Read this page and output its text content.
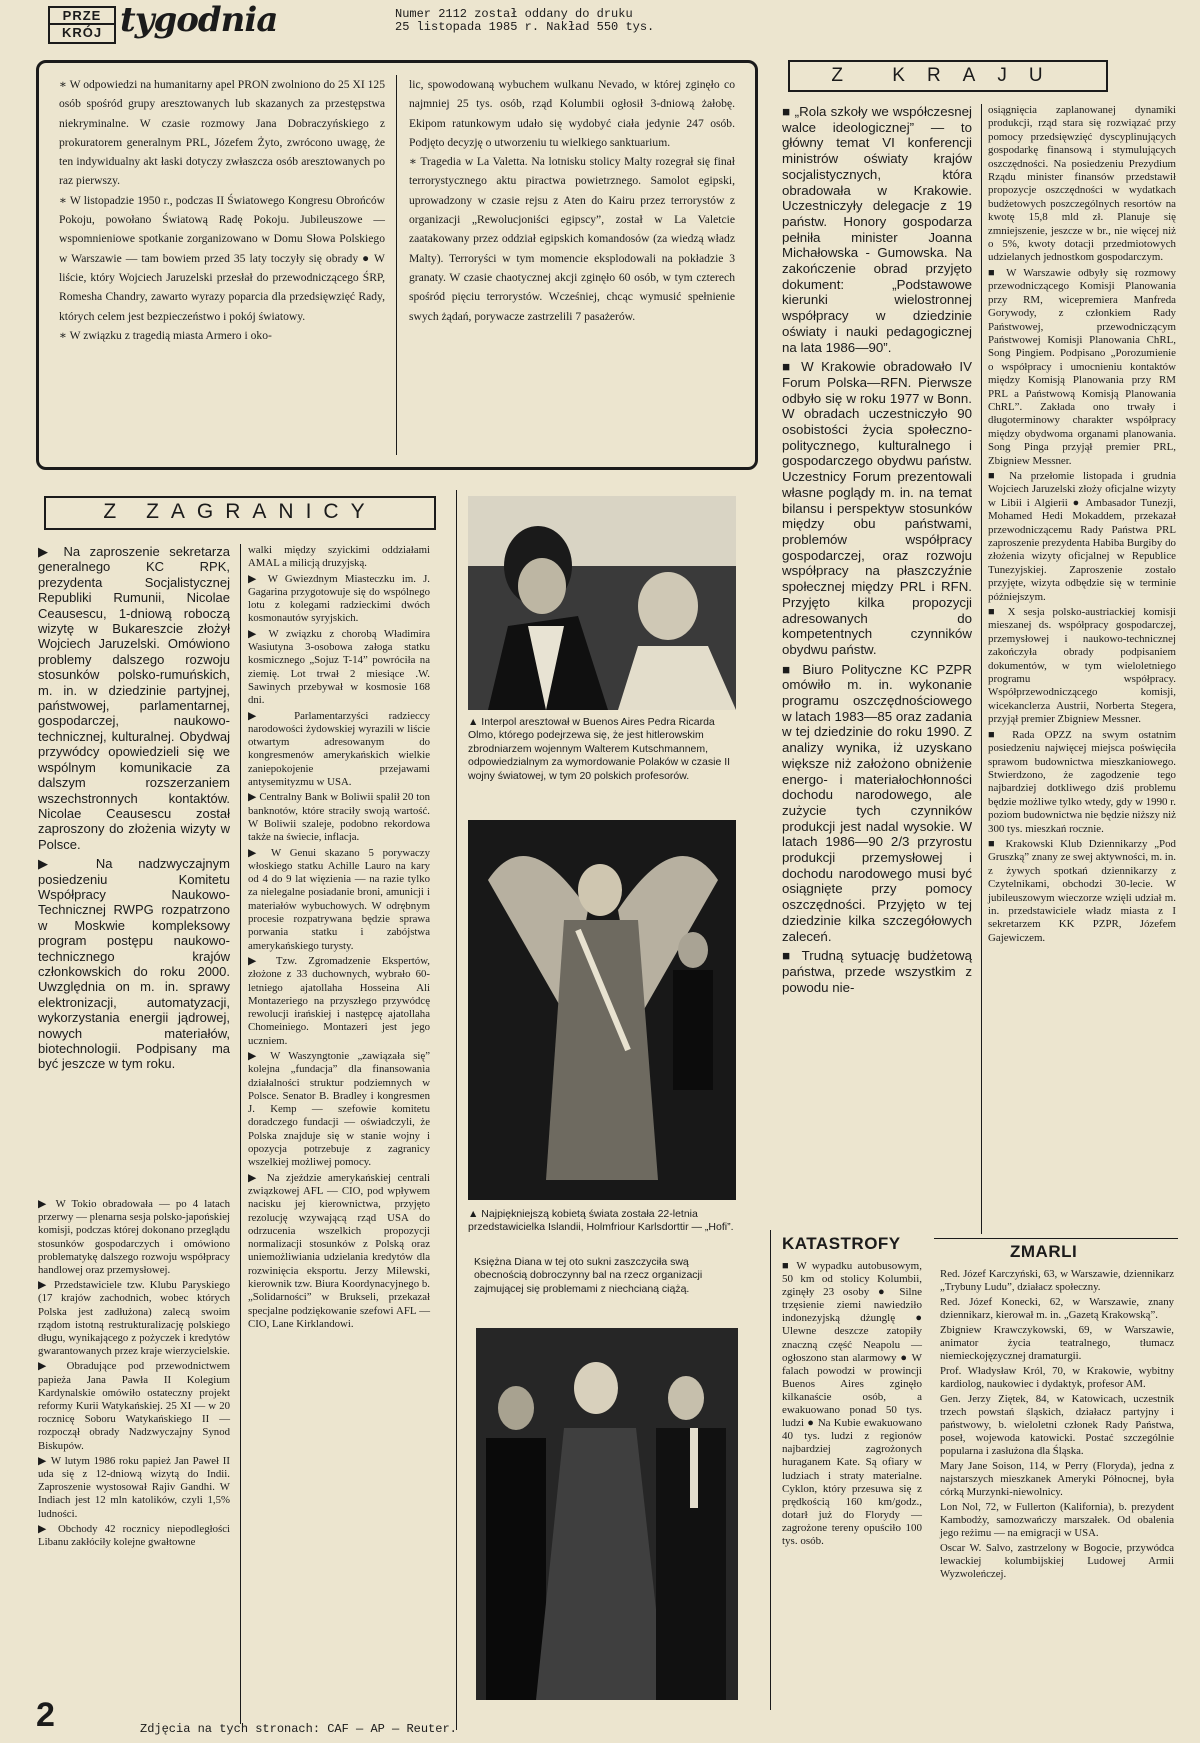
PRZE
KRÓJ tygodnia	Numer 2112 został oddany do druku
25 listopada 1985 r. Nakład 550 tys.

∗ W odpowiedzi na humanitarny apel PRON zwolniono do 25 XI 125 osób spośród grupy aresztowanych lub skazanych za przestępstwa niekryminalne. W czasie rozmowy Jana Dobraczyńskiego z prokuratorem generalnym PRL, Józefem Żyto, zwrócono uwagę, że ten indywidualny akt łaski dotyczy zwłaszcza osób aresztowanych po raz pierwszy.

∗ W listopadzie 1950 r., podczas II Światowego Kongresu Obrońców Pokoju, powołano Światową Radę Pokoju. Jubileuszowe — wspomnieniowe spotkanie zorganizowano w Domu Słowa Polskiego w Warszawie — tam bowiem przed 35 laty toczyły się obrady ● W liście, który Wojciech Jaruzelski przesłał do przewodniczącego ŚRP, Romesha Chandry, zawarto wyrazy poparcia dla przedsięwzięć Rady, których celem jest bezpieczeństwo i pokój światowy.

∗ W związku z tragedią miasta Armero i oko-

lic, spowodowaną wybuchem wulkanu Nevado, w której zginęło co najmniej 25 tys. osób, rząd Kolumbii ogłosił 3-dniową żałobę. Ekipom ratunkowym udało się wydobyć ciała jedynie 247 osób. Podjęto decyzję o utworzeniu tu wielkiego sanktuarium.

∗ Tragedia w La Valetta. Na lotnisku stolicy Malty rozegrał się finał terrorystycznego aktu piractwa powietrznego. Samolot egipski, uprowadzony w czasie rejsu z Aten do Kairu przez terrorystów z organizacji „Rewolucjoniści egipscy”, został w La Valetcie zaatakowany przez oddział egipskich komandosów (za wiedzą władz Malty). Terroryści w tym momencie eksplodowali na pokładzie 3 granaty. W czasie chaotycznej akcji zginęło 60 osób, w tym czterech spośród pięciu terrorystów. Wcześniej, chcąc wymusić spełnienie swych żądań, porywacze zastrzelili 7 pasażerów.

Z KRAJU

■ „Rola szkoły we współczesnej walce ideologicznej” — to główny temat VI konferencji ministrów oświaty krajów socjalistycznych, która obradowała w Krakowie. Uczestniczyły delegacje z 19 państw. Honory gospodarza pełniła minister Joanna Michałowska - Gumowska. Na zakończenie obrad przyjęto dokument: „Podstawowe kierunki wielostronnej współpracy w dziedzinie oświaty i nauki pedagogicznej na lata 1986—90”.

■ W Krakowie obradowało IV Forum Polska—RFN. Pierwsze odbyło się w roku 1977 w Bonn. W obradach uczestniczyło 90 osobistości życia społeczno-politycznego, kulturalnego i gospodarczego obydwu państw. Uczestnicy Forum prezentowali własne poglądy m. in. na temat bilansu i perspektyw stosunków między obu państwami, problemów współpracy gospodarczej, oraz rozwoju współpracy na płaszczyźnie społecznej między PRL i RFN. Przyjęto kilka propozycji adresowanych do kompetentnych czynników obydwu państw.

■ Biuro Polityczne KC PZPR omówiło m. in. wykonanie programu oszczędnościowego w latach 1983—85 oraz zadania w tej dziedzinie do roku 1990. Z analizy wynika, iż uzyskano większe niż założono obniżenie energo- i materiałochłonności dochodu narodowego, ale zużycie tych czynników produkcji jest nadal wysokie. W latach 1986—90 2/3 przyrostu produkcji przemysłowej i dochodu narodowego musi być osiągnięte przy pomocy oszczędności. Przyjęto w tej dziedzinie kilka szczegółowych zaleceń.

■ Trudną sytuację budżetową państwa, przede wszystkim z powodu nie-

osiągnięcia zaplanowanej dynamiki produkcji, rząd stara się rozwiązać przy pomocy przedsięwzięć dyscyplinujących gospodarkę finansową i stymulujących oszczędności. Na posiedzeniu Prezydium Rządu minister finansów przedstawił propozycje oszczędności w wydatkach budżetowych poszczególnych resortów na kwotę 15,8 mld zł. Planuje się zmniejszenie, jeszcze w br., nie więcej niż o 5%, kwoty dotacji przedmiotowych udzielanych jednostkom gospodarczym.

■ W Warszawie odbyły się rozmowy przewodniczącego Komisji Planowania przy RM, wicepremiera Manfreda Gorywody, z członkiem Rady Państwowej, przewodniczącym Państwowej Komisji Planowania ChRL, Song Pingiem. Podpisano „Porozumienie o współpracy i umocnieniu kontaktów między Komisją Planowania przy RM PRL a Państwową Komisją Planowania ChRL”. Zakłada ono trwały i długoterminowy charakter współpracy między obydwoma organami planowania. Song Pinga przyjął premier PRL, Zbigniew Messner.

■ Na przełomie listopada i grudnia Wojciech Jaruzelski złoży oficjalne wizyty w Libii i Algierii ● Ambasador Tunezji, Mohamed Hedi Mokaddem, przekazał przewodniczącemu Rady Państwa PRL zaproszenie prezydenta Habiba Burgiby do złożenia wizyty oficjalnej w Republice Tunezyjskiej. Zaproszenie zostało przyjęte, wizyta odbędzie się w terminie późniejszym.

■ X sesja polsko-austriackiej komisji mieszanej ds. współpracy gospodarczej, przemysłowej i naukowo-technicznej zakończyła obrady podpisaniem dokumentów, w tym wieloletniego programu współpracy. Współprzewodniczącego komisji, wicekanclerza Austrii, Norberta Stegera, przyjął premier Zbigniew Messner.

■ Rada OPZZ na swym ostatnim posiedzeniu najwięcej miejsca poświęciła sprawom budownictwa mieszkaniowego. Stwierdzono, że zagodzenie tego najbardziej dotkliwego dziś problemu będzie możliwe tylko wtedy, gdy w 1990 r. poziom budownictwa nie będzie niższy niż 300 tys. mieszkań rocznie.

■ Krakowski Klub Dziennikarzy „Pod Gruszką” znany ze swej aktywności, m. in. z żywych spotkań dziennikarzy z Czytelnikami, obchodzi 30-lecie. W jubileuszowym wieczorze wzięli udział m. in. przedstawiciele władz miasta z I sekretarzem KK PZPR, Józefem Gajewiczem.

Z ZAGRANICY

▶ Na zaproszenie sekretarza generalnego KC RPK, prezydenta Socjalistycznej Republiki Rumunii, Nicolae Ceausescu, 1-dniową roboczą wizytę w Bukareszcie złożył Wojciech Jaruzelski. Omówiono problemy dalszego rozwoju stosunków polsko-rumuńskich, m. in. w dziedzinie partyjnej, państwowej, parlamentarnej, gospodarczej, naukowo-technicznej, kulturalnej. Obydwaj przywódcy opowiedzieli się we wspólnym komunikacie za dalszym rozszerzaniem wszechstronnych kontaktów. Nicolae Ceausescu został zaproszony do złożenia wizyty w Polsce.

▶ Na nadzwyczajnym posiedzeniu Komitetu Współpracy Naukowo-Technicznej RWPG rozpatrzono w Moskwie kompleksowy program postępu naukowo-technicznego krajów członkowskich do roku 2000. Uwzględnia on m. in. sprawy elektronizacji, automatyzacji, wykorzystania energii jądrowej, nowych materiałów, biotechnologii. Podpisany ma być jeszcze w tym roku.

▶ W Tokio obradowała — po 4 latach przerwy — plenarna sesja polsko-japońskiej komisji, podczas której dokonano przeglądu stosunków gospodarczych i omówiono problematykę dalszego rozwoju współpracy handlowej oraz przemysłowej.

▶ Przedstawiciele tzw. Klubu Paryskiego (17 krajów zachodnich, wobec których Polska jest zadłużona) zalecą swoim rządom istotną restrukturalizację polskiego długu, wynikającego z pożyczek i kredytów gwarantowanych przez kraje wierzycielskie.

▶ Obradujące pod przewodnictwem papieża Jana Pawła II Kolegium Kardynalskie omówiło ostateczny projekt reformy Kurii Watykańskiej. 25 XI — w 20 rocznicę Soboru Watykańskiego II — rozpoczął obrady Nadzwyczajny Synod Biskupów.

▶ W lutym 1986 roku papież Jan Paweł II uda się z 12-dniową wizytą do Indii. Zaproszenie wystosował Rajiv Gandhi. W Indiach jest 12 mln katolików, czyli 1,5% ludności.

▶ Obchody 42 rocznicy niepodległości Libanu zakłóciły kolejne gwałtowne

walki między szyickimi oddziałami AMAL a milicją druzyjską.

▶ W Gwiezdnym Miasteczku im. J. Gagarina przygotowuje się do wspólnego lotu z kolegami radzieckimi dwóch kosmonautów syryjskich.

▶ W związku z chorobą Władimira Wasiutyna 3-osobowa załoga statku kosmicznego „Sojuz T-14” powróciła na ziemię. Lot trwał 2 miesiące .W. Sawinych przebywał w kosmosie 168 dni.

▶ Parlamentarzyści radzieccy narodowości żydowskiej wyrazili w liście otwartym adresowanym do kongresmenów amerykańskich wielkie zaniepokojenie przejawami antysemityzmu w USA.

▶ Centralny Bank w Boliwii spalił 20 ton banknotów, które straciły swoją wartość. W Boliwii szaleje, podobno rekordowa także na świecie, inflacja.

▶ W Genui skazano 5 porywaczy włoskiego statku Achille Lauro na kary od 4 do 9 lat więzienia — na razie tylko za nielegalne posiadanie broni, amunicji i materiałów wybuchowych. W odrębnym procesie rozpatrywana będzie sprawa porwania statku i zabójstwa amerykańskiego turysty.

▶ Tzw. Zgromadzenie Ekspertów, złożone z 33 duchownych, wybrało 60-letniego ajatollaha Hosseina Ali Montazeriego na przyszłego przywódcę rewolucji irańskiej i następcę ajatollaha Chomeiniego. Montazeri jest jego uczniem.

▶ W Waszyngtonie „zawiązała się” kolejna „fundacja” dla finansowania działalności struktur podziemnych w Polsce. Senator B. Bradley i kongresmen J. Kemp — szefowie komitetu doradczego fundacji — oświadczyli, że Polska znajduje się w stanie wojny i opozycja potrzebuje z zagranicy wszelkiej możliwej pomocy.

▶ Na zjeździe amerykańskiej centrali związkowej AFL — CIO, pod wpływem nacisku jej kierownictwa, przyjęto rezolucję wzywającą rząd USA do odrzucenia wszelkich propozycji normalizacji stosunków z Polską oraz uniemożliwiania udzielania kredytów dla rozwinięcia eksportu. Jerzy Milewski, kierownik tzw. Biura Koordynacyjnego b. „Solidarności” w Brukseli, przekazał specjalne podziękowanie szefowi AFL — CIO, Lane Kirklandowi.

▲ Interpol aresztował w Buenos Aires Pedra Ricarda Olmo, którego podejrzewa się, że jest hitlerowskim zbrodniarzem wojennym Walterem Kutschmannem, odpowiedzialnym za wymordowanie Polaków w czasie II wojny światowej, w tym 20 polskich profesorów.
▲ Najpiękniejszą kobietą świata została 22-letnia przedstawicielka Islandii, Holmfriour Karlsdorttir — „Hofi”.
Księżna Diana w tej oto sukni zaszczyciła swą obecnością dobroczynny bal na rzecz organizacji zajmującej się problemami z niechcianą ciążą.
KATASTROFY
■ W wypadku autobusowym, 50 km od stolicy Kolumbii, zginęły 23 osoby ● Silne trzęsienie ziemi nawiedziło indonezyjską dżunglę ● Ulewne deszcze zatopiły znaczną część Neapolu — ogłoszono stan alarmowy ● W falach powodzi w prowincji Buenos Aires zginęło kilkanaście osób, a ewakuowano ponad 50 tys. ludzi ● Na Kubie ewakuowano 40 tys. ludzi z regionów najbardziej zagrożonych huraganem Kate. Są ofiary w ludziach i straty materialne. Cyklon, który przesuwa się z prędkością 160 km/godz., dotarł już do Florydy — zagrożone tereny opuściło 100 tys. osób.
ZMARLI

Red. Józef Karczyński, 63, w Warszawie, dziennikarz „Trybuny Ludu”, działacz społeczny.

Red. Józef Konecki, 62, w Warszawie, znany dziennikarz, kierował m. in. „Gazetą Krakowską”.

Zbigniew Krawczykowski, 69, w Warszawie, animator życia teatralnego, tłumacz niemieckojęzycznej dramaturgii.

Prof. Władysław Król, 70, w Krakowie, wybitny kardiolog, naukowiec i dydaktyk, profesor AM.

Gen. Jerzy Ziętek, 84, w Katowicach, uczestnik trzech powstań śląskich, działacz partyjny i państwowy, b. wieloletni członek Rady Państwa, poseł, wojewoda katowicki. Postać szczególnie popularna i zasłużona dla Śląska.

Mary Jane Soison, 114, w Perry (Floryda), jedna z najstarszych mieszkanek Ameryki Północnej, była córką Murzynki-niewolnicy.

Lon Nol, 72, w Fullerton (Kalifornia), b. prezydent Kambodży, samozwańczy marszałek. Od obalenia jego reżimu — na emigracji w USA.

Oscar W. Salvo, zastrzelony w Bogocie, przywódca lewackiej kolumbijskiej Ludowej Armii Wyzwoleńczej.

2	Zdjęcia na tych stronach: CAF — AP — Reuter.
